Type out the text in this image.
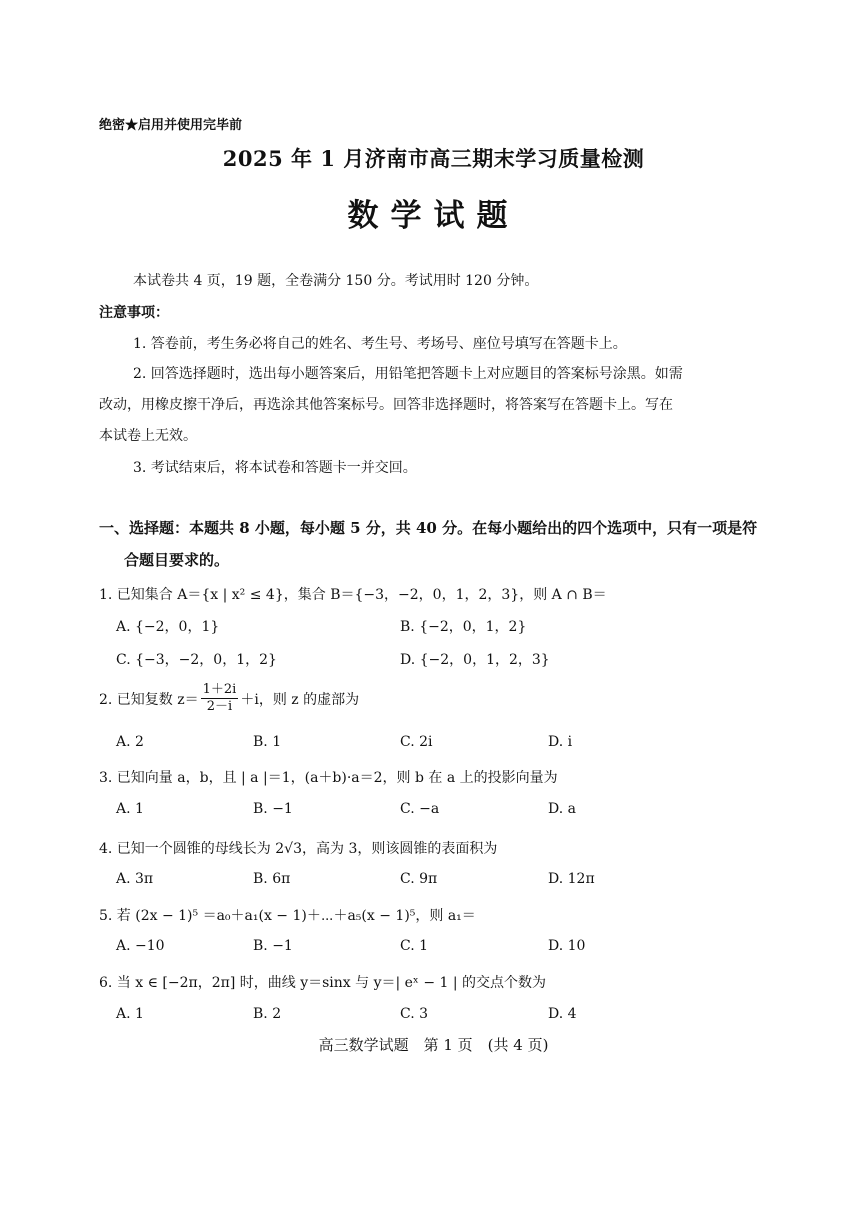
绝密★启用并使用完毕前
2025 年 1 月济南市高三期末学习质量检测
数学试题
本试卷共 4 页，19 题，全卷满分 150 分。考试用时 120 分钟。
注意事项：
1. 答卷前，考生务必将自己的姓名、考生号、考场号、座位号填写在答题卡上。
2. 回答选择题时，选出每小题答案后，用铅笔把答题卡上对应题目的答案标号涂黑。如需
改动，用橡皮擦干净后，再选涂其他答案标号。回答非选择题时，将答案写在答题卡上。写在
本试卷上无效。
3. 考试结束后，将本试卷和答题卡一并交回。
一、选择题：本题共 8 小题，每小题 5 分，共 40 分。在每小题给出的四个选项中，只有一项是符
合题目要求的。
1. 已知集合 A＝{x | x² ≤ 4}，集合 B＝{−3，−2，0，1，2，3}，则 A ∩ B＝
A. {−2，0，1}	B. {−2，0，1，2}
C. {−3，−2，0，1，2}	D. {−2，0，1，2，3}
2. 已知复数 $z= \frac{1+2i}{2-i} +i$，则 z 的虚部为
A. 2	B. 1	C. 2i	D. i
3. 已知向量 a，b，且 | a |＝1，(a＋b)·a＝2，则 b 在 a 上的投影向量为
A. 1	B. −1	C. −a	D. a
4. 已知一个圆锥的母线长为 2√3，高为 3，则该圆锥的表面积为
A. 3π	B. 6π	C. 9π	D. 12π
5. 若 (2x − 1)⁵ ＝a₀＋a₁(x − 1)＋⋯＋a₅(x − 1)⁵，则 a₁＝
A. −10	B. −1	C. 1	D. 10
6. 当 x ∈ [−2π，2π] 时，曲线 y＝sinx 与 y＝| eˣ − 1 | 的交点个数为
A. 1	B. 2	C. 3	D. 4
高三数学试题　第 1 页　(共 4 页)
